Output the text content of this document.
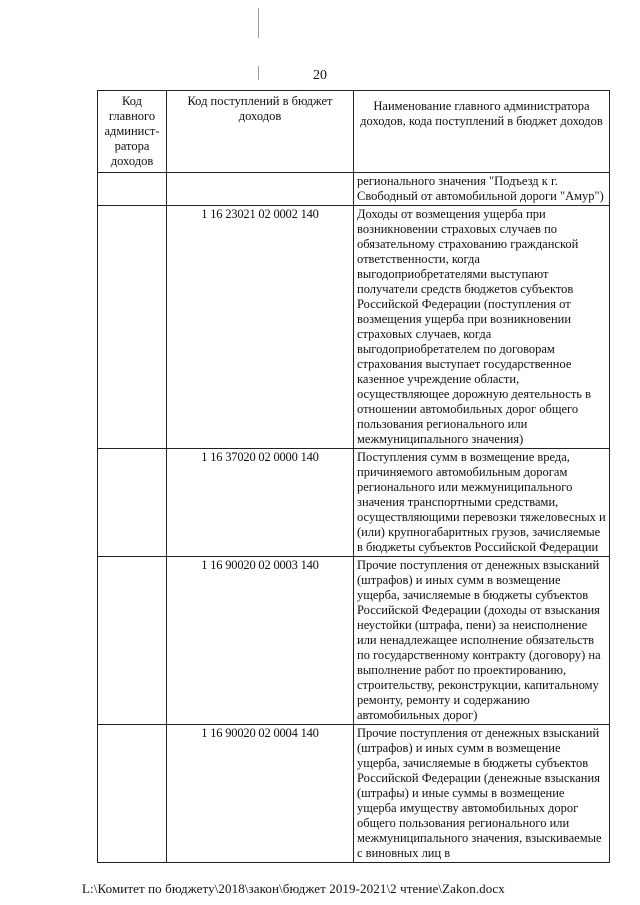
20
Код главного админист-ратора доходов	Код поступлений в бюджет доходов	Наименование главного администратора доходов, кода поступлений в бюджет доходов
		регионального значения "Подъезд к г. Свободный от автомобильной дороги "Амур")
	1 16 23021 02 0002 140	Доходы от возмещения ущерба при возникновении страховых случаев по обязательному страхованию гражданской ответственности, когда выгодоприобретателями выступают получатели средств бюджетов субъектов Российской Федерации (поступления от возмещения ущерба при возникновении страховых случаев, когда выгодоприобретателем по договорам страхования выступает государственное казенное учреждение области, осуществляющее дорожную деятельность в отношении автомобильных дорог общего пользования регионального или межмуниципального значения)
	1 16 37020 02 0000 140	Поступления сумм в возмещение вреда, причиняемого автомобильным дорогам регионального или межмуниципального значения транспортными средствами, осуществляющими перевозки тяжеловесных и (или) крупногабаритных грузов, зачисляемые в бюджеты субъектов Российской Федерации
	1 16 90020 02 0003 140	Прочие поступления от денежных взысканий (штрафов) и иных сумм в возмещение ущерба, зачисляемые в бюджеты субъектов Российской Федерации (доходы от взыскания неустойки (штрафа, пени) за неисполнение или ненадлежащее исполнение обязательств по государственному контракту (договору) на выполнение работ по проектированию, строительству, реконструкции, капитальному ремонту, ремонту и содержанию автомобильных дорог)
	1 16 90020 02 0004 140	Прочие поступления от денежных взысканий (штрафов) и иных сумм в возмещение ущерба, зачисляемые в бюджеты субъектов Российской Федерации (денежные взыскания (штрафы) и иные суммы в возмещение ущерба имуществу автомобильных дорог общего пользования регионального или межмуниципального значения, взыскиваемые с виновных лиц в
L:\Комитет по бюджету\2018\закон\бюджет 2019-2021\2 чтение\Zakon.docx
